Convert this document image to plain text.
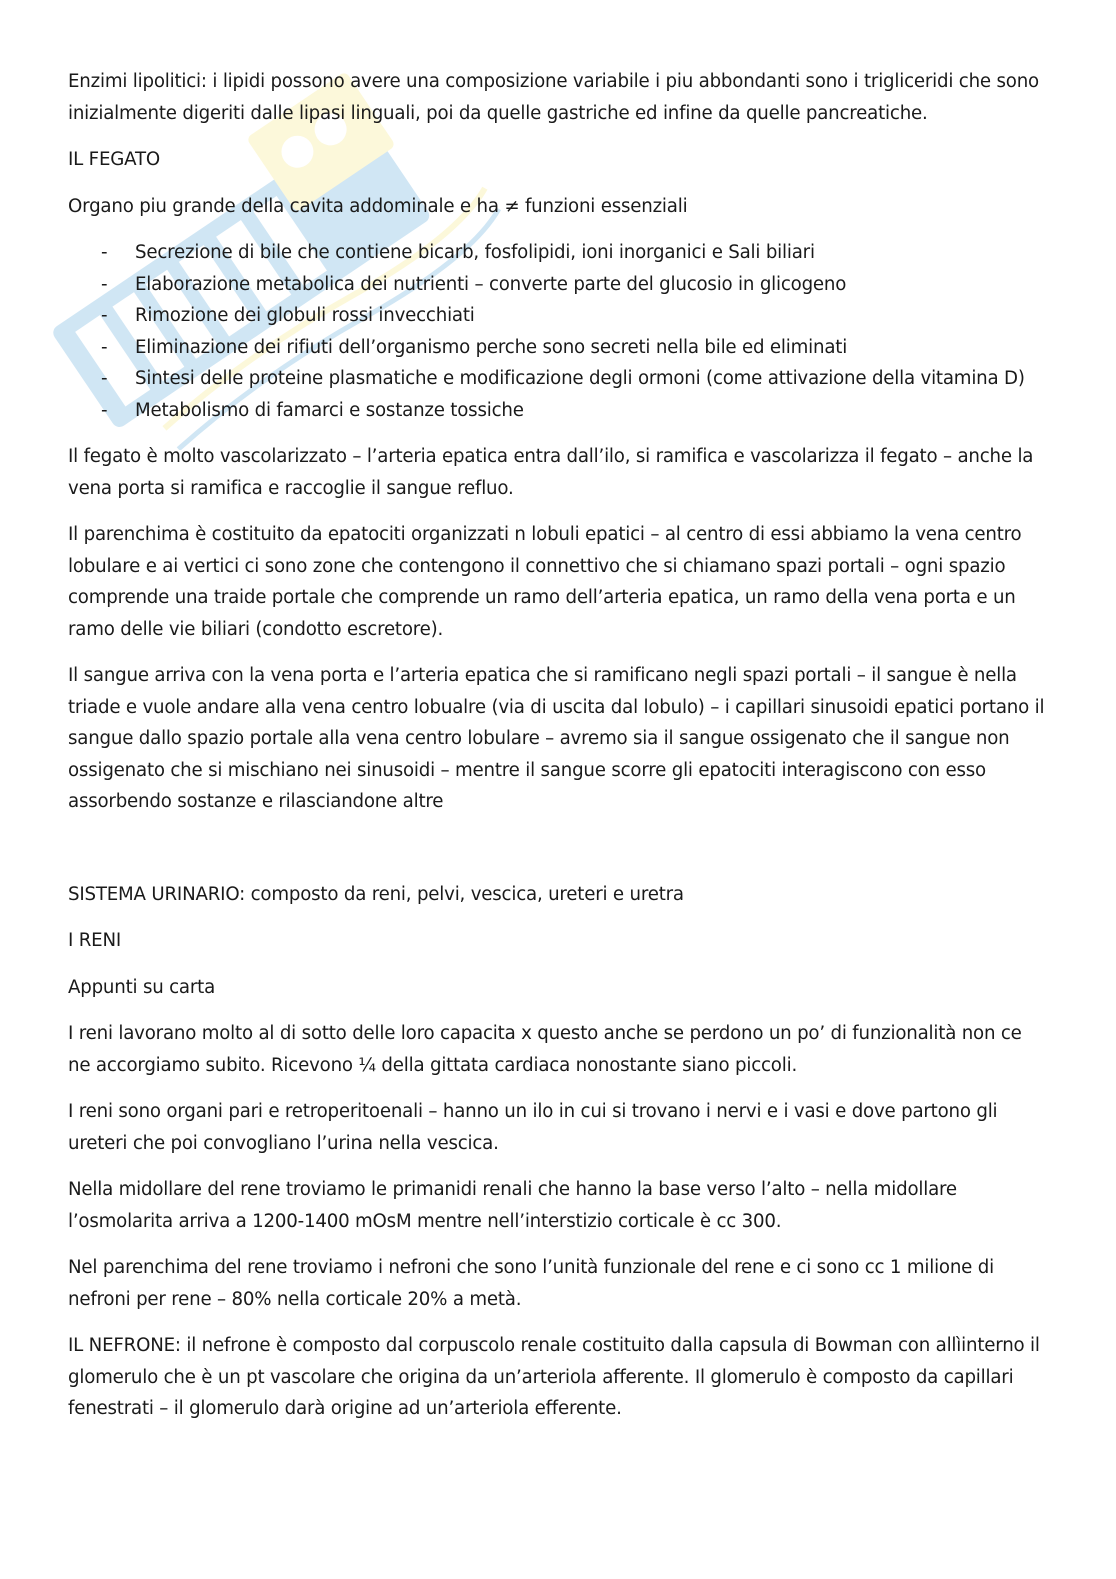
Enzimi lipolitici: i lipidi possono avere una composizione variabile i piu abbondanti sono i trigliceridi che sono inizialmente digeriti dalle lipasi linguali, poi da quelle gastriche ed infine da quelle pancreatiche.

IL FEGATO

Organo piu grande della cavita addominale e ha ≠ funzioni essenziali

- Secrezione di bile che contiene bicarb, fosfolipidi, ioni inorganici e Sali biliari
- Elaborazione metabolica dei nutrienti – converte parte del glucosio in glicogeno
- Rimozione dei globuli rossi invecchiati
- Eliminazione dei rifiuti dell’organismo perche sono secreti nella bile ed eliminati
- Sintesi delle proteine plasmatiche e modificazione degli ormoni (come attivazione della vitamina D)
- Metabolismo di famarci e sostanze tossiche

Il fegato è molto vascolarizzato – l’arteria epatica entra dall’ilo, si ramifica e vascolarizza il fegato – anche la vena porta si ramifica e raccoglie il sangue refluo.

Il parenchima è costituito da epatociti organizzati n lobuli epatici – al centro di essi abbiamo la vena centro lobulare e ai vertici ci sono zone che contengono il connettivo che si chiamano spazi portali – ogni spazio comprende una traide portale che comprende un ramo dell’arteria epatica, un ramo della vena porta e un ramo delle vie biliari (condotto escretore).

Il sangue arriva con la vena porta e l’arteria epatica che si ramificano negli spazi portali – il sangue è nella triade e vuole andare alla vena centro lobualre (via di uscita dal lobulo) – i capillari sinusoidi epatici portano il sangue dallo spazio portale alla vena centro lobulare – avremo sia il sangue ossigenato che il sangue non ossigenato che si mischiano nei sinusoidi – mentre il sangue scorre gli epatociti interagiscono con esso assorbendo sostanze e rilasciandone altre

SISTEMA URINARIO: composto da reni, pelvi, vescica, ureteri e uretra

I RENI

Appunti su carta

I reni lavorano molto al di sotto delle loro capacita x questo anche se perdono un po’ di funzionalità non ce ne accorgiamo subito. Ricevono ¼ della gittata cardiaca nonostante siano piccoli.

I reni sono organi pari e retroperitoenali – hanno un ilo in cui si trovano i nervi e i vasi e dove partono gli ureteri che poi convogliano l’urina nella vescica.

Nella midollare del rene troviamo le primanidi renali che hanno la base verso l’alto – nella midollare l’osmolarita arriva a 1200-1400 mOsM mentre nell’interstizio corticale è cc 300.

Nel parenchima del rene troviamo i nefroni che sono l’unità funzionale del rene e ci sono cc 1 milione di nefroni per rene – 80% nella corticale 20% a metà.

IL NEFRONE: il nefrone è composto dal corpuscolo renale costituito dalla capsula di Bowman con allìinterno il glomerulo che è un pt vascolare che origina da un’arteriola afferente. Il glomerulo è composto da capillari fenestrati – il glomerulo darà origine ad un’arteriola efferente.
